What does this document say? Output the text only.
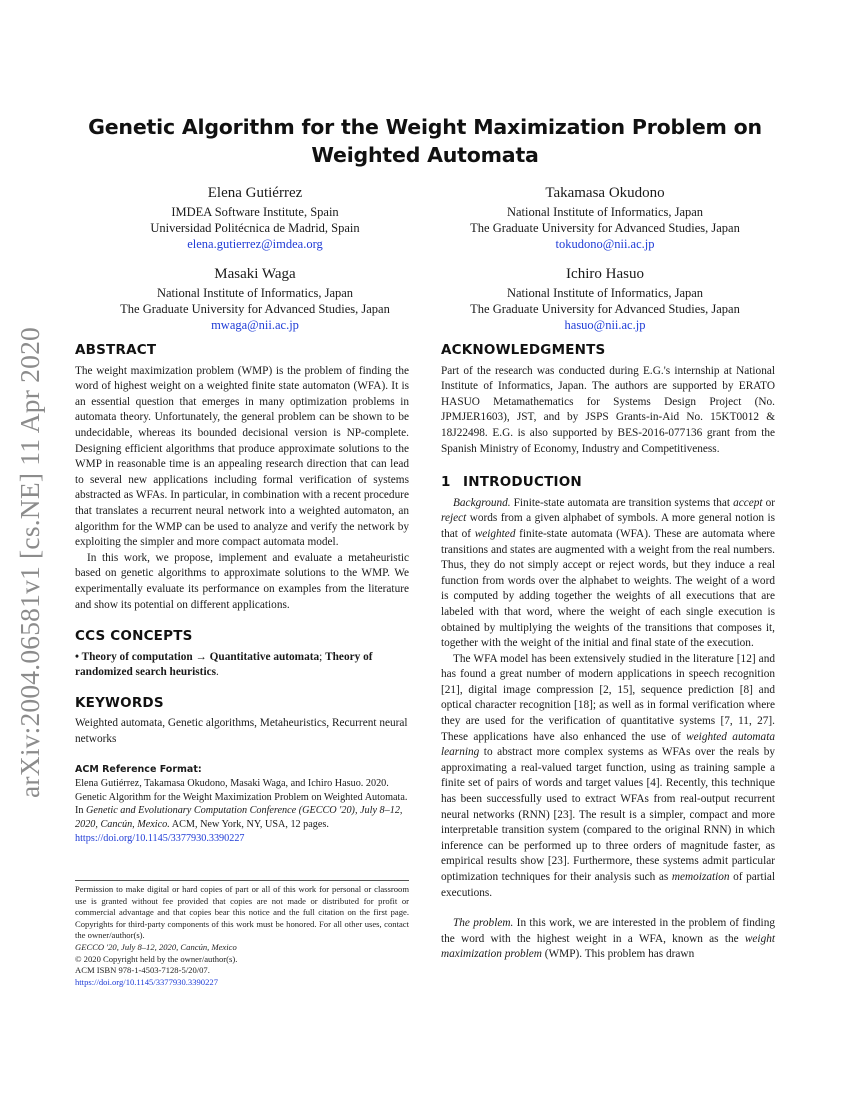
arXiv:2004.06581v1 [cs.NE] 11 Apr 2020
Genetic Algorithm for the Weight Maximization Problem on
Weighted Automata
Elena Gutiérrez
IMDEA Software Institute, Spain
Universidad Politécnica de Madrid, Spain
elena.gutierrez@imdea.org
Takamasa Okudono
National Institute of Informatics, Japan
The Graduate University for Advanced Studies, Japan
tokudono@nii.ac.jp
Masaki Waga
National Institute of Informatics, Japan
The Graduate University for Advanced Studies, Japan
mwaga@nii.ac.jp
Ichiro Hasuo
National Institute of Informatics, Japan
The Graduate University for Advanced Studies, Japan
hasuo@nii.ac.jp
ABSTRACT

The weight maximization problem (WMP) is the problem of finding the word of highest weight on a weighted finite state automaton (WFA). It is an essential question that emerges in many optimization problems in automata theory. Unfortunately, the general problem can be shown to be undecidable, whereas its bounded decisional version is NP-complete. Designing efficient algorithms that produce approximate solutions to the WMP in reasonable time is an appealing research direction that can lead to several new applications including formal verification of systems abstracted as WFAs. In particular, in combination with a recent procedure that translates a recurrent neural network into a weighted automaton, an algorithm for the WMP can be used to analyze and verify the network by exploiting the simpler and more compact automata model.

In this work, we propose, implement and evaluate a metaheuristic based on genetic algorithms to approximate solutions to the WMP. We experimentally evaluate its performance on examples from the literature and show its potential on different applications.

CCS CONCEPTS

• Theory of computation → Quantitative automata; Theory of randomized search heuristics.

KEYWORDS

Weighted automata, Genetic algorithms, Metaheuristics, Recurrent neural networks

ACM Reference Format:

Elena Gutiérrez, Takamasa Okudono, Masaki Waga, and Ichiro Hasuo. 2020. Genetic Algorithm for the Weight Maximization Problem on Weighted Automata. In Genetic and Evolutionary Computation Conference (GECCO '20), July 8–12, 2020, Cancún, Mexico. ACM, New York, NY, USA, 12 pages.
https://doi.org/10.1145/3377930.3390227

Permission to make digital or hard copies of part or all of this work for personal or classroom use is granted without fee provided that copies are not made or distributed for profit or commercial advantage and that copies bear this notice and the full citation on the first page. Copyrights for third-party components of this work must be honored. For all other uses, contact the owner/author(s).

GECCO '20, July 8–12, 2020, Cancún, Mexico

© 2020 Copyright held by the owner/author(s).

ACM ISBN 978-1-4503-7128-5/20/07.

https://doi.org/10.1145/3377930.3390227

ACKNOWLEDGMENTS

Part of the research was conducted during E.G.'s internship at National Institute of Informatics, Japan. The authors are supported by ERATO HASUO Metamathematics for Systems Design Project (No. JPMJER1603), JST, and by JSPS Grants-in-Aid No. 15KT0012 & 18J22498. E.G. is also supported by BES-2016-077136 grant from the Spanish Ministry of Economy, Industry and Competitiveness.

1 INTRODUCTION

Background. Finite-state automata are transition systems that accept or reject words from a given alphabet of symbols. A more general notion is that of weighted finite-state automata (WFA). These are automata where transitions and states are augmented with a weight from the real numbers. Thus, they do not simply accept or reject words, but they induce a real function from words over the alphabet to weights. The weight of a word is computed by adding together the weights of all executions that are labeled with that word, where the weight of each single execution is obtained by multiplying the weights of the transitions that composes it, together with the weight of the initial and final state of the execution.

The WFA model has been extensively studied in the literature [12] and has found a great number of modern applications in speech recognition [21], digital image compression [2, 15], sequence prediction [8] and optical character recognition [18]; as well as in formal verification where they are used for the verification of quantitative systems [7, 11, 27]. These applications have also enhanced the use of weighted automata learning to abstract more complex systems as WFAs over the reals by approximating a real-valued target function, using as training sample a finite set of pairs of words and target values [4]. Recently, this technique has been successfully used to extract WFAs from real-output recurrent neural networks (RNN) [23]. The result is a simpler, compact and more interpretable transition system (compared to the original RNN) in which inference can be performed up to three orders of magnitude faster, as empirical results show [23]. Furthermore, these systems admit particular optimization techniques for their analysis such as memoization of partial executions.

The problem. In this work, we are interested in the problem of finding the word with the highest weight in a WFA, known as the weight maximization problem (WMP). This problem has drawn
